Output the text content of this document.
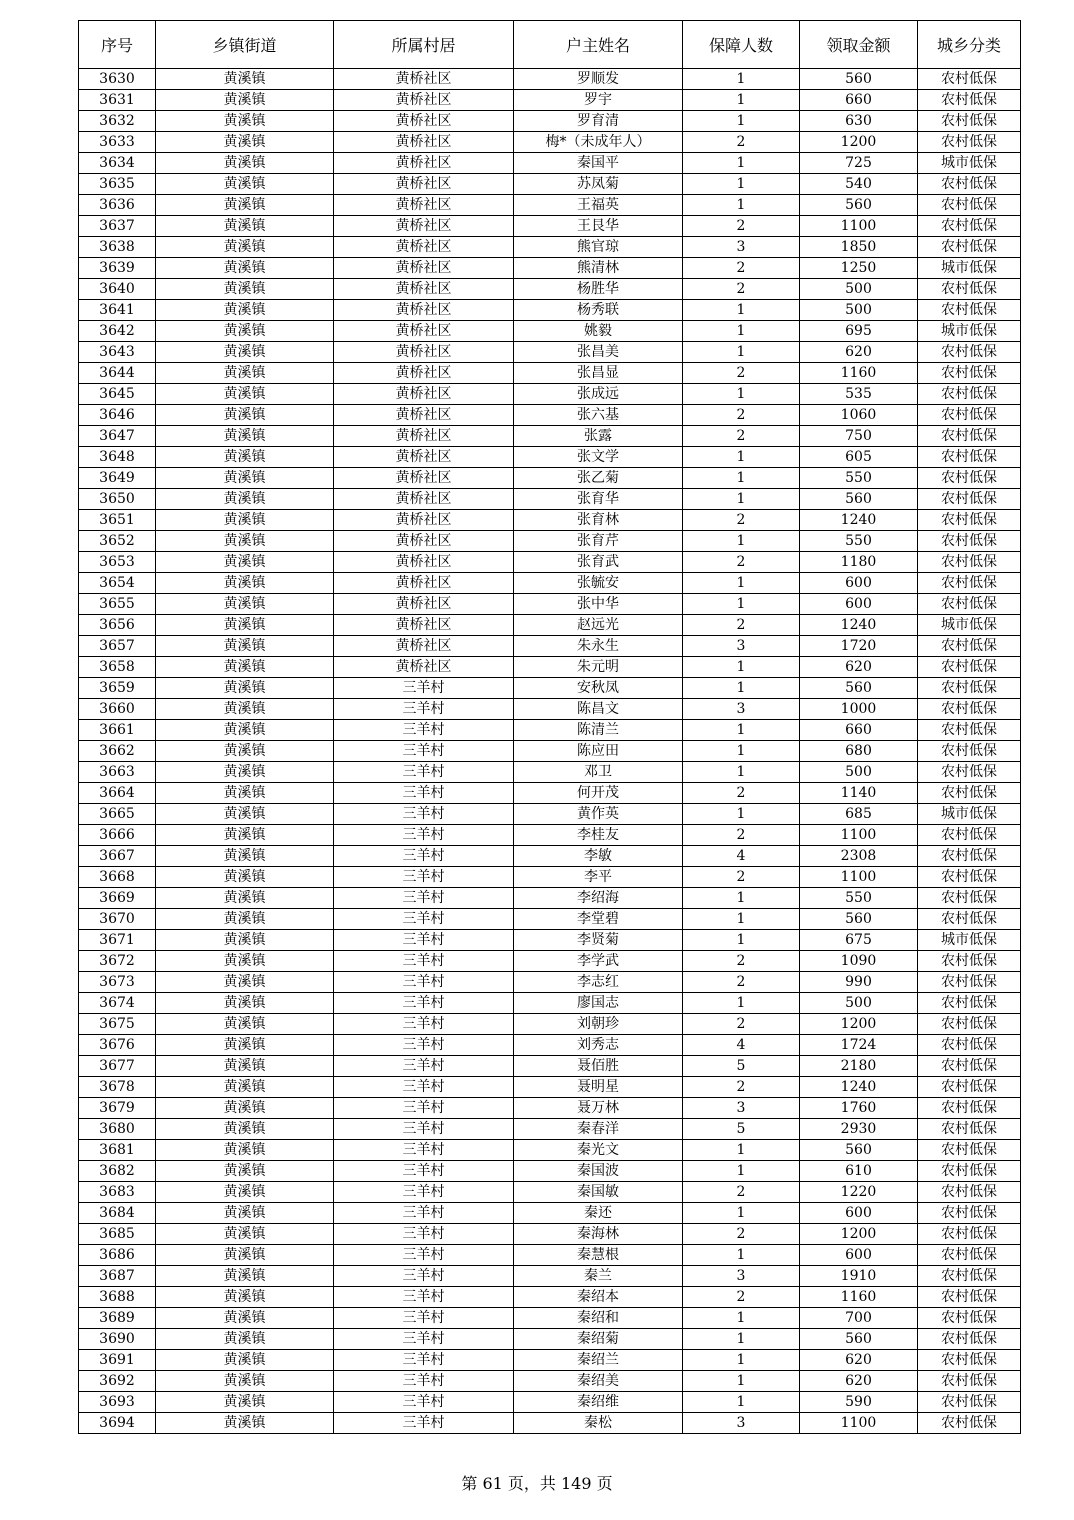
序号	乡镇街道	所属村居	户主姓名	保障人数	领取金额	城乡分类
3630	黄溪镇	黄桥社区	罗顺发	1	560	农村低保
3631	黄溪镇	黄桥社区	罗宇	1	660	农村低保
3632	黄溪镇	黄桥社区	罗育清	1	630	农村低保
3633	黄溪镇	黄桥社区	梅*（未成年人）	2	1200	农村低保
3634	黄溪镇	黄桥社区	秦国平	1	725	城市低保
3635	黄溪镇	黄桥社区	苏凤菊	1	540	农村低保
3636	黄溪镇	黄桥社区	王福英	1	560	农村低保
3637	黄溪镇	黄桥社区	王艮华	2	1100	农村低保
3638	黄溪镇	黄桥社区	熊官琼	3	1850	农村低保
3639	黄溪镇	黄桥社区	熊清林	2	1250	城市低保
3640	黄溪镇	黄桥社区	杨胜华	2	500	农村低保
3641	黄溪镇	黄桥社区	杨秀联	1	500	农村低保
3642	黄溪镇	黄桥社区	姚毅	1	695	城市低保
3643	黄溪镇	黄桥社区	张昌美	1	620	农村低保
3644	黄溪镇	黄桥社区	张昌显	2	1160	农村低保
3645	黄溪镇	黄桥社区	张成远	1	535	农村低保
3646	黄溪镇	黄桥社区	张六基	2	1060	农村低保
3647	黄溪镇	黄桥社区	张露	2	750	农村低保
3648	黄溪镇	黄桥社区	张文学	1	605	农村低保
3649	黄溪镇	黄桥社区	张乙菊	1	550	农村低保
3650	黄溪镇	黄桥社区	张育华	1	560	农村低保
3651	黄溪镇	黄桥社区	张育林	2	1240	农村低保
3652	黄溪镇	黄桥社区	张育芹	1	550	农村低保
3653	黄溪镇	黄桥社区	张育武	2	1180	农村低保
3654	黄溪镇	黄桥社区	张毓安	1	600	农村低保
3655	黄溪镇	黄桥社区	张中华	1	600	农村低保
3656	黄溪镇	黄桥社区	赵远光	2	1240	城市低保
3657	黄溪镇	黄桥社区	朱永生	3	1720	农村低保
3658	黄溪镇	黄桥社区	朱元明	1	620	农村低保
3659	黄溪镇	三羊村	安秋凤	1	560	农村低保
3660	黄溪镇	三羊村	陈昌文	3	1000	农村低保
3661	黄溪镇	三羊村	陈清兰	1	660	农村低保
3662	黄溪镇	三羊村	陈应田	1	680	农村低保
3663	黄溪镇	三羊村	邓卫	1	500	农村低保
3664	黄溪镇	三羊村	何开茂	2	1140	农村低保
3665	黄溪镇	三羊村	黄作英	1	685	城市低保
3666	黄溪镇	三羊村	李桂友	2	1100	农村低保
3667	黄溪镇	三羊村	李敏	4	2308	农村低保
3668	黄溪镇	三羊村	李平	2	1100	农村低保
3669	黄溪镇	三羊村	李绍海	1	550	农村低保
3670	黄溪镇	三羊村	李堂碧	1	560	农村低保
3671	黄溪镇	三羊村	李贤菊	1	675	城市低保
3672	黄溪镇	三羊村	李学武	2	1090	农村低保
3673	黄溪镇	三羊村	李志红	2	990	农村低保
3674	黄溪镇	三羊村	廖国志	1	500	农村低保
3675	黄溪镇	三羊村	刘朝珍	2	1200	农村低保
3676	黄溪镇	三羊村	刘秀志	4	1724	农村低保
3677	黄溪镇	三羊村	聂佰胜	5	2180	农村低保
3678	黄溪镇	三羊村	聂明星	2	1240	农村低保
3679	黄溪镇	三羊村	聂万林	3	1760	农村低保
3680	黄溪镇	三羊村	秦春洋	5	2930	农村低保
3681	黄溪镇	三羊村	秦光文	1	560	农村低保
3682	黄溪镇	三羊村	秦国波	1	610	农村低保
3683	黄溪镇	三羊村	秦国敏	2	1220	农村低保
3684	黄溪镇	三羊村	秦还	1	600	农村低保
3685	黄溪镇	三羊村	秦海林	2	1200	农村低保
3686	黄溪镇	三羊村	秦慧根	1	600	农村低保
3687	黄溪镇	三羊村	秦兰	3	1910	农村低保
3688	黄溪镇	三羊村	秦绍本	2	1160	农村低保
3689	黄溪镇	三羊村	秦绍和	1	700	农村低保
3690	黄溪镇	三羊村	秦绍菊	1	560	农村低保
3691	黄溪镇	三羊村	秦绍兰	1	620	农村低保
3692	黄溪镇	三羊村	秦绍美	1	620	农村低保
3693	黄溪镇	三羊村	秦绍维	1	590	农村低保
3694	黄溪镇	三羊村	秦松	3	1100	农村低保
第 61 页，共 149 页
